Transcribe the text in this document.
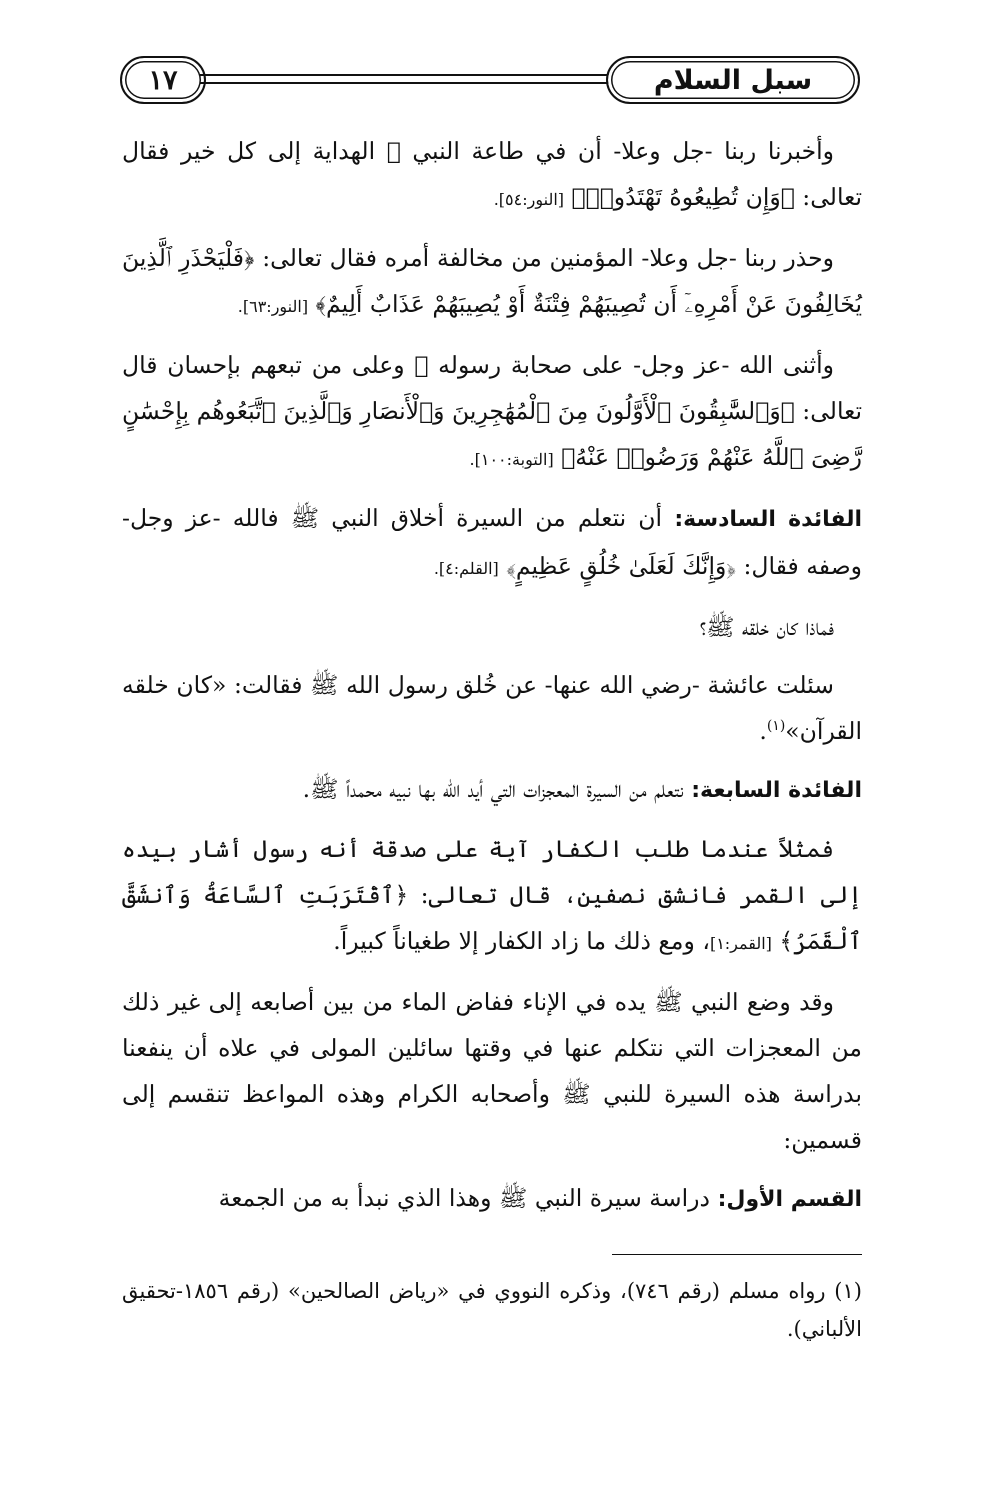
١٧	سبل السلام

وأخبرنا ربنا -جل وعلا- أن في طاعة النبي ﷺ الهداية إلى كل خير فقال تعالى: ﴿وَإِن تُطِيعُوهُ تَهْتَدُوا۟﴾ [النور:٥٤].

وحذر ربنا -جل وعلا- المؤمنين من مخالفة أمره فقال تعالى: ﴿فَلْيَحْذَرِ ٱلَّذِينَ يُخَالِفُونَ عَنْ أَمْرِهِۦٓ أَن تُصِيبَهُمْ فِتْنَةٌ أَوْ يُصِيبَهُمْ عَذَابٌ أَلِيمٌ﴾ [النور:٦٣].

وأثنى الله -عز وجل- على صحابة رسوله ﷺ وعلى من تبعهم بإحسان قال تعالى: ﴿وَٱلسَّٰبِقُونَ ٱلْأَوَّلُونَ مِنَ ٱلْمُهَٰجِرِينَ وَٱلْأَنصَارِ وَٱلَّذِينَ ٱتَّبَعُوهُم بِإِحْسَٰنٍ رَّضِىَ ٱللَّهُ عَنْهُمْ وَرَضُوا۟ عَنْهُ﴾ [التوبة:١٠٠].

الفائدة السادسة: أن نتعلم من السيرة أخلاق النبي ﷺ فالله -عز وجل- وصفه فقال: ﴿وَإِنَّكَ لَعَلَىٰ خُلُقٍ عَظِيمٍ﴾ [القلم:٤].

فماذا كان خلقه ﷺ؟

سئلت عائشة -رضي الله عنها- عن خُلق رسول الله ﷺ فقالت: «كان خلقه القرآن»$^{(١)}$.

الفائدة السابعة: نتعلم من السيرة المعجزات التي أيد الله بها نبيه محمداً ﷺ.

فمثلاً عندما طلب الكفار آية على صدقة أنه رسول أشار بيده إلى القمر فانشق نصفين، قال تعالى: ﴿ٱقْتَرَبَتِ ٱلسَّاعَةُ وَٱنشَقَّ ٱلْقَمَرُ﴾ [القمر:١]، ومع ذلك ما زاد الكفار إلا طغياناً كبيراً.

وقد وضع النبي ﷺ يده في الإناء ففاض الماء من بين أصابعه إلى غير ذلك من المعجزات التي نتكلم عنها في وقتها سائلين المولى في علاه أن ينفعنا بدراسة هذه السيرة للنبي ﷺ وأصحابه الكرام وهذه المواعظ تنقسم إلى قسمين:

القسم الأول: دراسة سيرة النبي ﷺ وهذا الذي نبدأ به من الجمعة

(١) رواه مسلم (رقم ٧٤٦)، وذكره النووي في «رياض الصالحين» (رقم ١٨٥٦-تحقيق الألباني).
